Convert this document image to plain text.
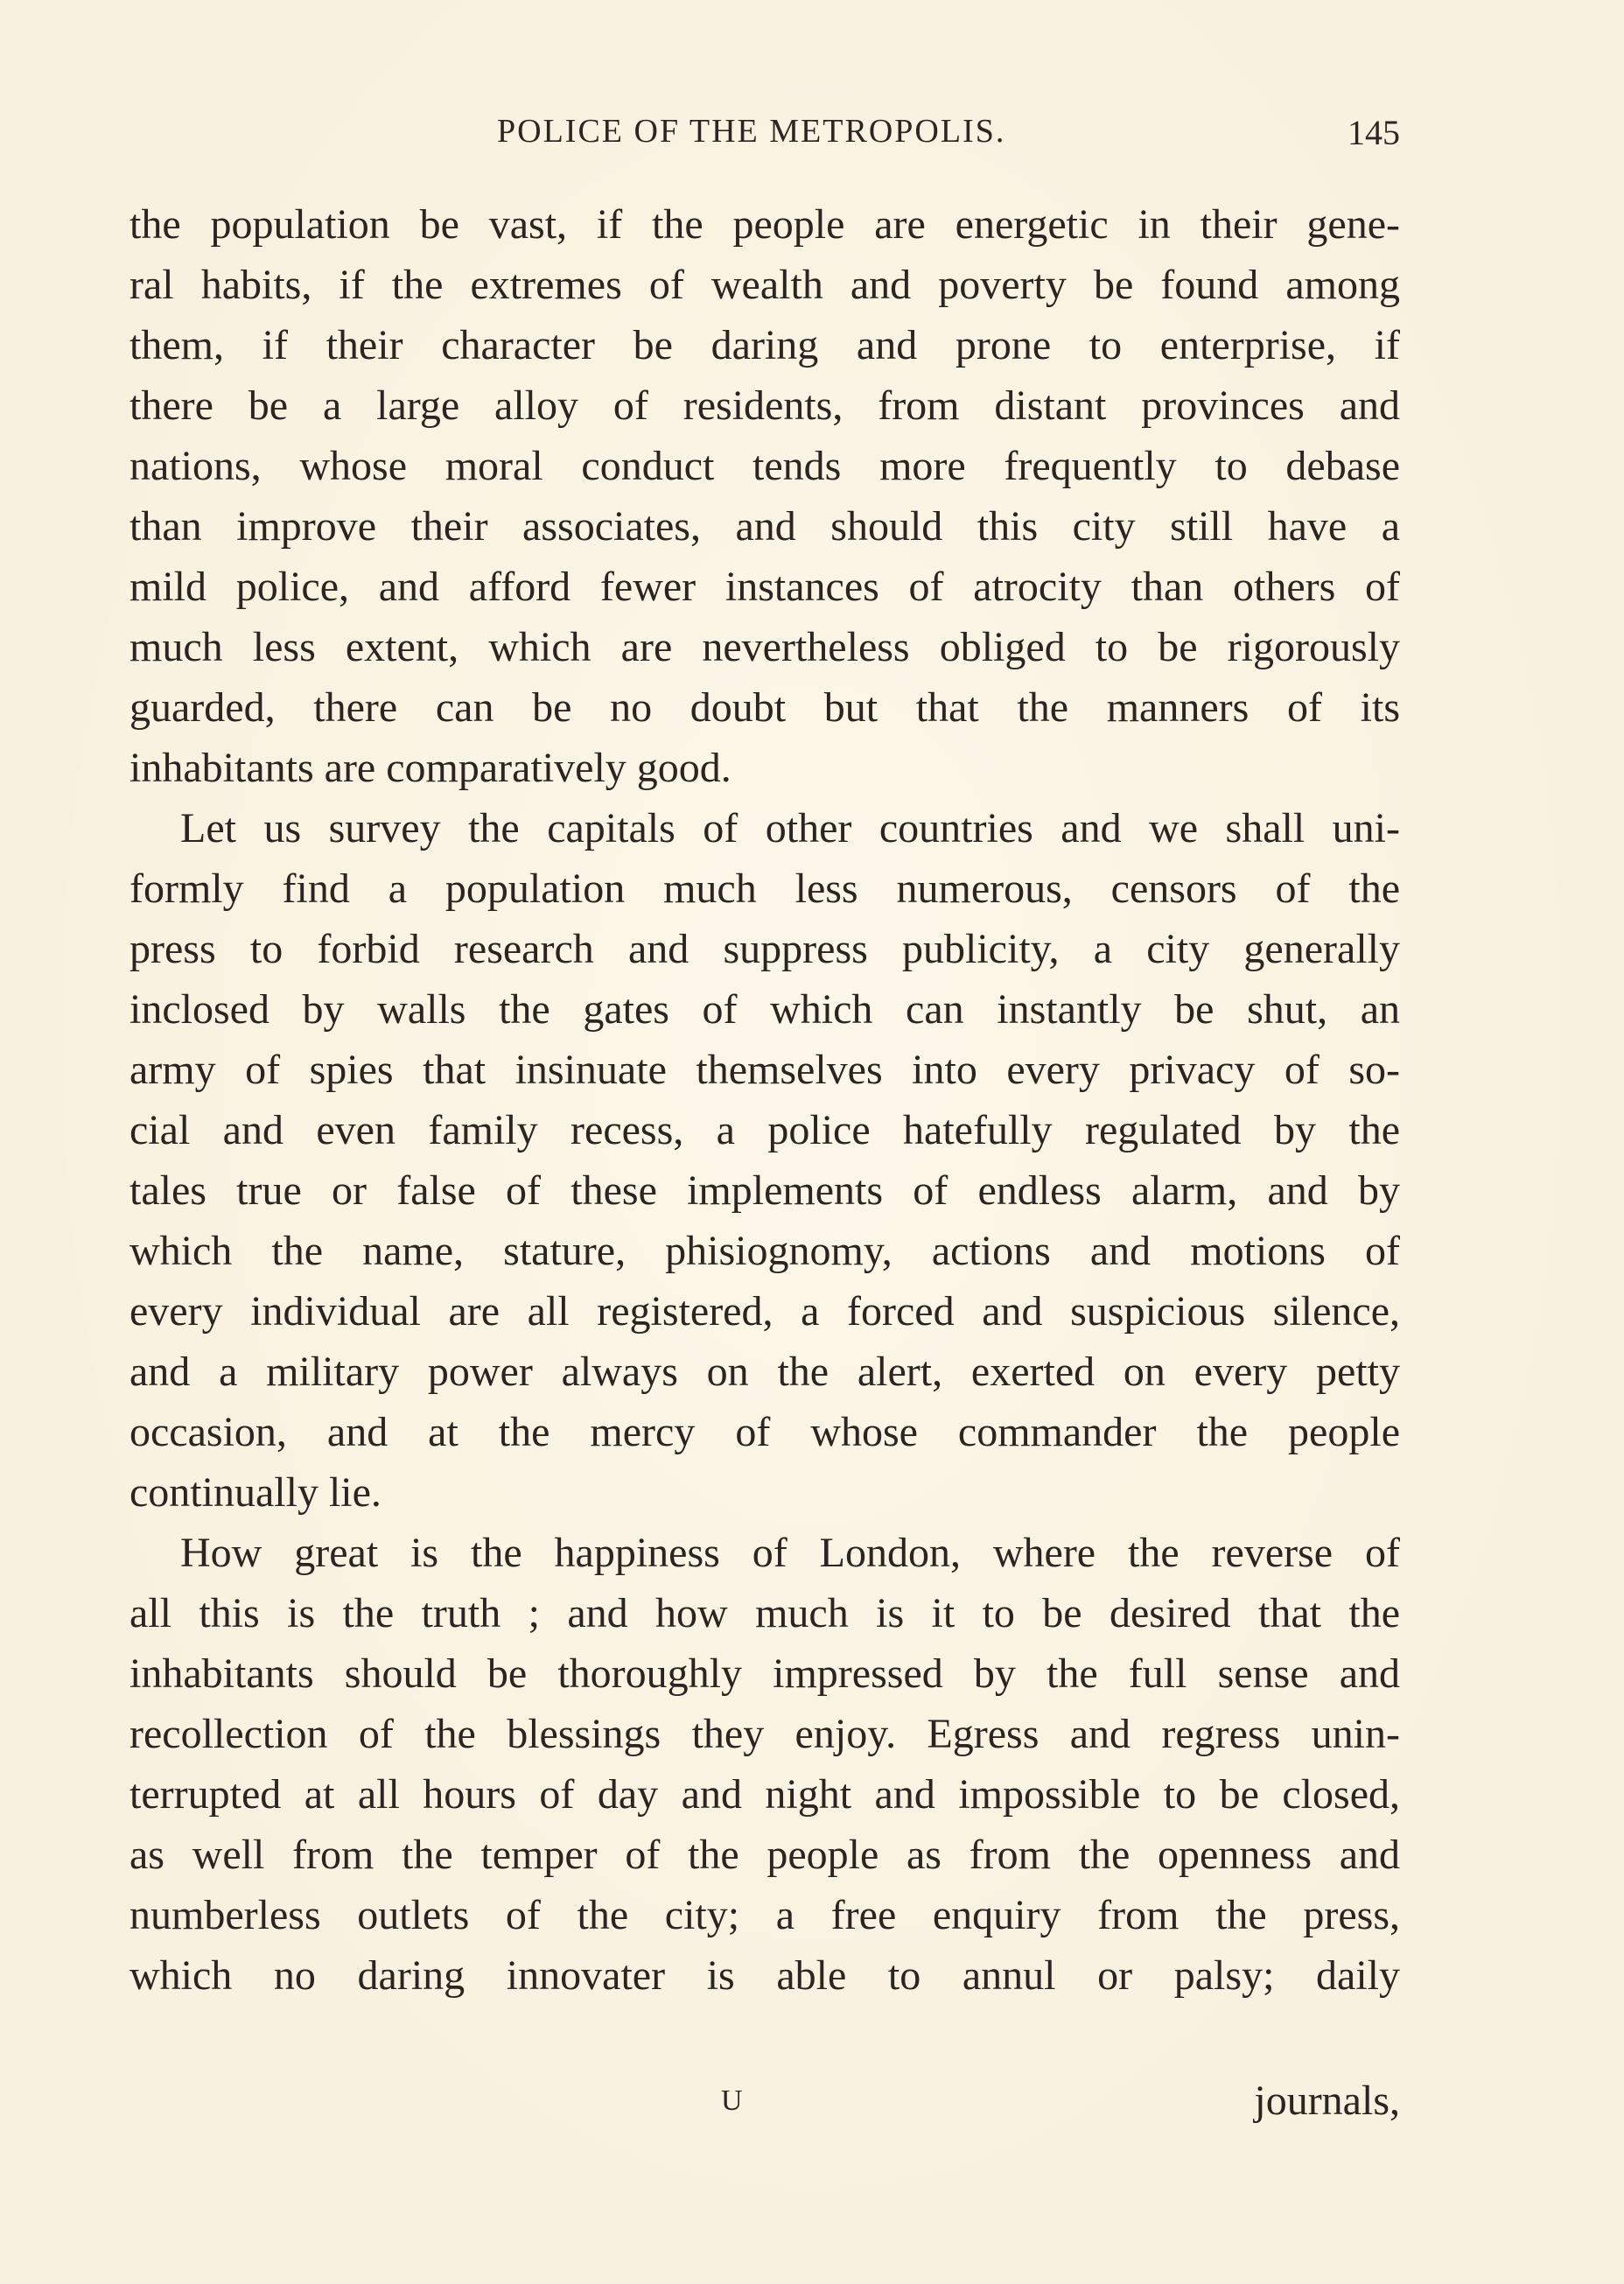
POLICE OF THE METROPOLIS.	145
the population be vast, if the people are energetic in their gene-
ral habits, if the extremes of wealth and poverty be found among
them, if their character be daring and prone to enterprise, if
there be a large alloy of residents, from distant provinces and
nations, whose moral conduct tends more frequently to debase
than improve their associates, and should this city still have a
mild police, and afford fewer instances of atrocity than others of
much less extent, which are nevertheless obliged to be rigorously
guarded, there can be no doubt but that the manners of its
inhabitants are comparatively good.
Let us survey the capitals of other countries and we shall uni-
formly find a population much less numerous, censors of the
press to forbid research and suppress publicity, a city generally
inclosed by walls the gates of which can instantly be shut, an
army of spies that insinuate themselves into every privacy of so-
cial and even family recess, a police hatefully regulated by the
tales true or false of these implements of endless alarm, and by
which the name, stature, phisiognomy, actions and motions of
every individual are all registered, a forced and suspicious silence,
and a military power always on the alert, exerted on every petty
occasion, and at the mercy of whose commander the people
continually lie.
How great is the happiness of London, where the reverse of
all this is the truth ; and how much is it to be desired that the
inhabitants should be thoroughly impressed by the full sense and
recollection of the blessings they enjoy. Egress and regress unin-
terrupted at all hours of day and night and impossible to be closed,
as well from the temper of the people as from the openness and
numberless outlets of the city; a free enquiry from the press,
which no daring innovater is able to annul or palsy; daily
U	journals,
